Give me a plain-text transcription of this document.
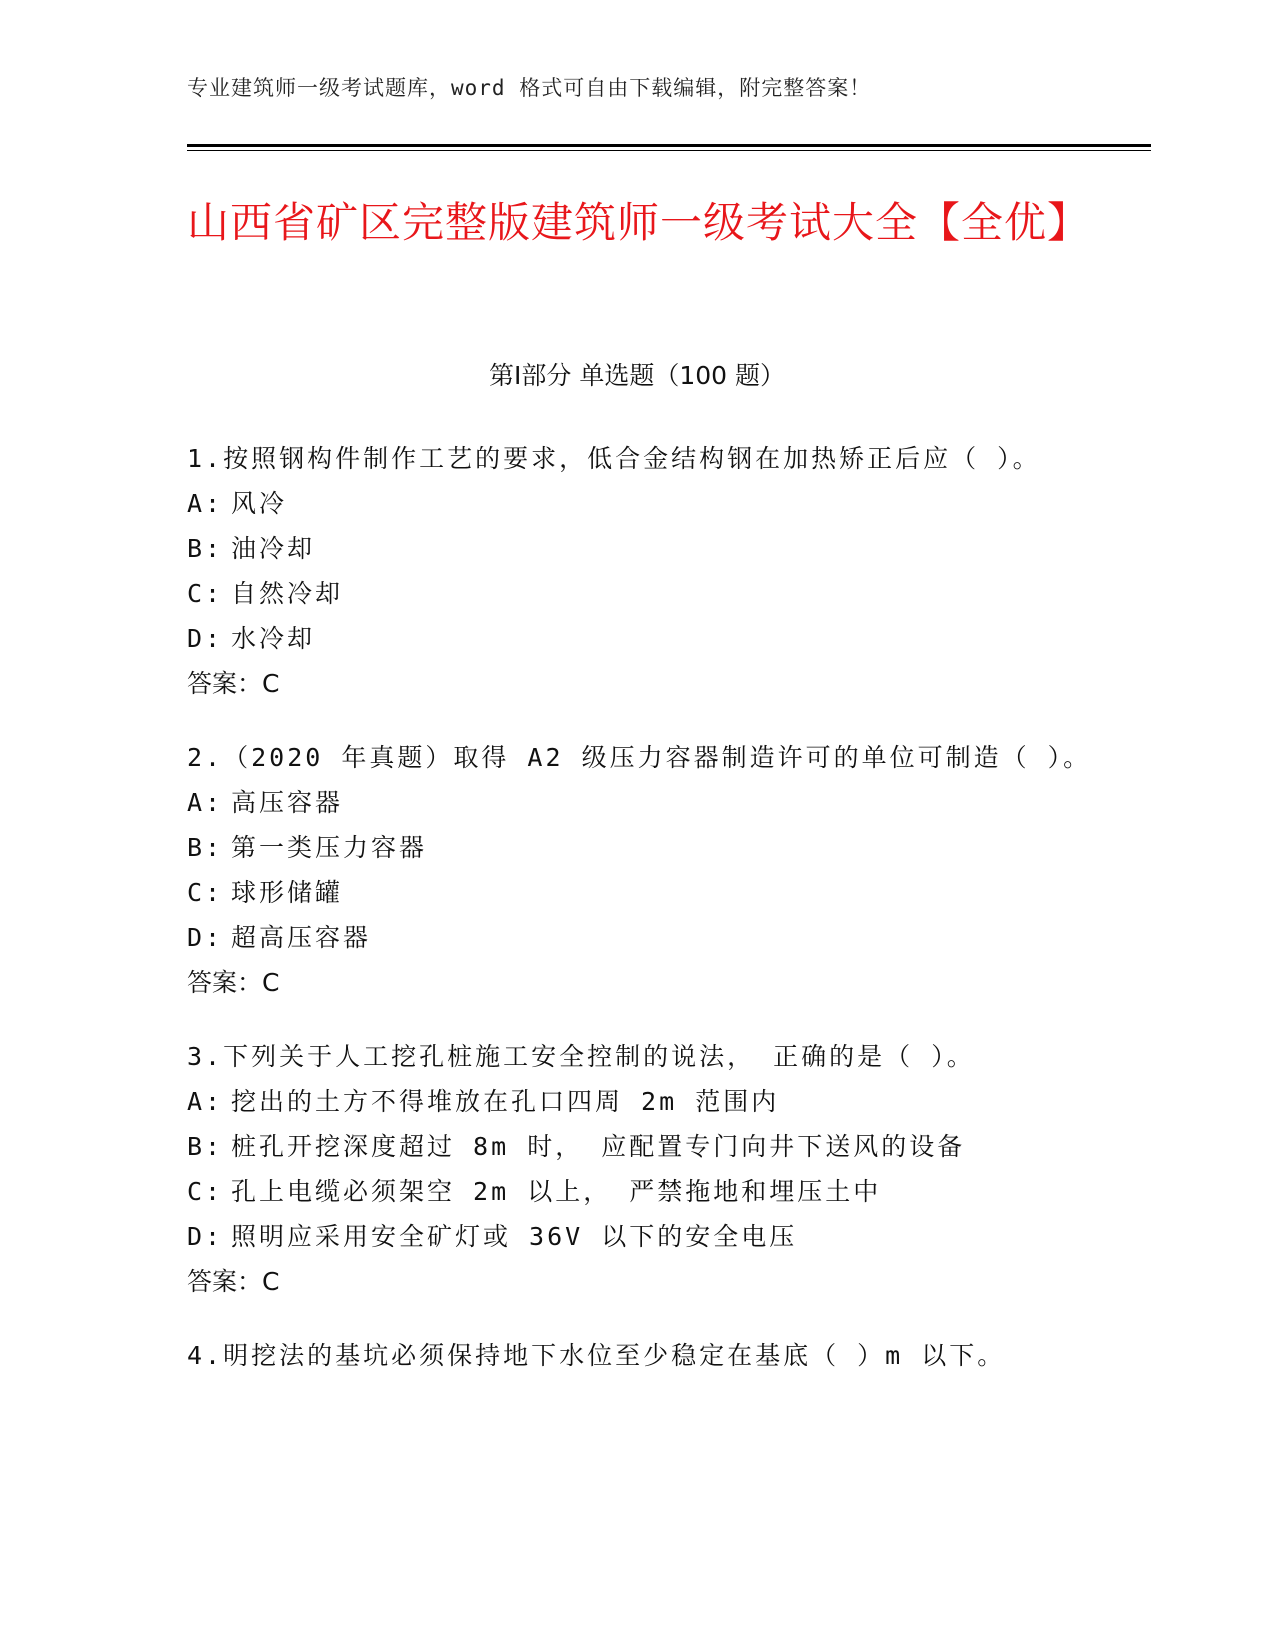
专业建筑师一级考试题库，word 格式可自由下载编辑，附完整答案！
山西省矿区完整版建筑师一级考试大全【全优】
第Ⅰ部分 单选题（100 题）
1.按照钢构件制作工艺的要求，低合金结构钢在加热矫正后应（ ）。
A: 风冷
B: 油冷却
C: 自然冷却
D: 水冷却
答案：C
2.（2020 年真题）取得 A2 级压力容器制造许可的单位可制造（ ）。
A: 高压容器
B: 第一类压力容器
C: 球形储罐
D: 超高压容器
答案：C
3.下列关于人工挖孔桩施工安全控制的说法， 正确的是（ ）。
A: 挖出的土方不得堆放在孔口四周 2m 范围内
B: 桩孔开挖深度超过 8m 时， 应配置专门向井下送风的设备
C: 孔上电缆必须架空 2m 以上， 严禁拖地和埋压土中
D: 照明应采用安全矿灯或 36V 以下的安全电压
答案：C
4.明挖法的基坑必须保持地下水位至少稳定在基底（ ）m 以下。
